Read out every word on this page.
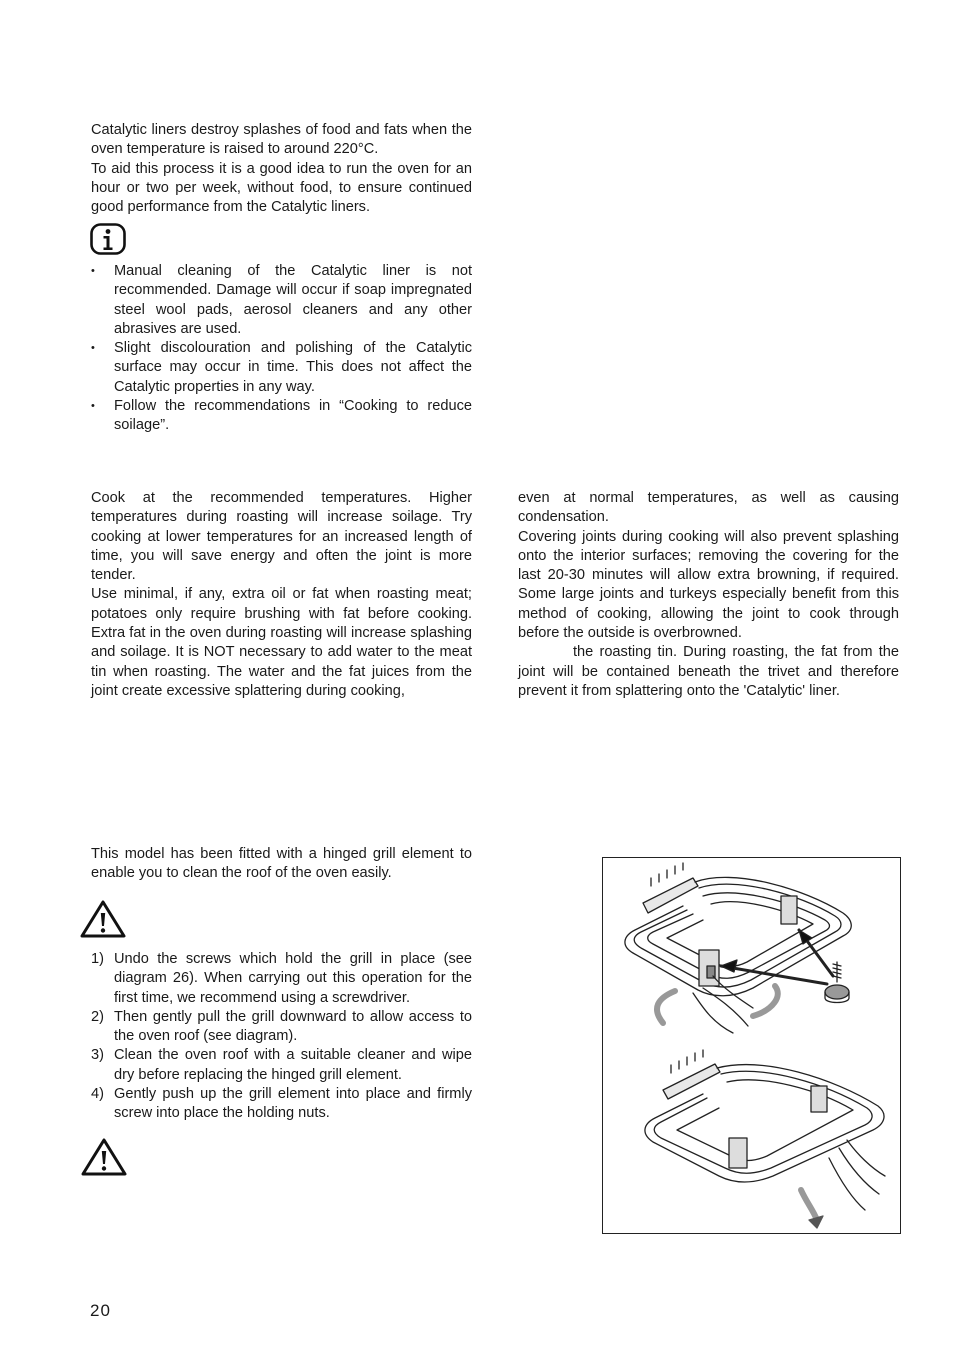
Catalytic liners destroy splashes of food and fats when the oven temperature is raised to around 220°C.

To aid this process it is a good idea to run the oven for an hour or two per week, without food, to ensure continued good performance from the Catalytic liners.

• Manual cleaning of the Catalytic liner is not recommended. Damage will occur if soap impregnated steel wool pads, aerosol cleaners and any other abrasives are used.
• Slight discolouration and polishing of the Catalytic surface may occur in time. This does not affect the Catalytic properties in any way.
• Follow the recommendations in “Cooking to reduce soilage”.

Cook at the recommended temperatures. Higher temperatures during roasting will increase soilage. Try cooking at lower temperatures for an increased length of time, you will save energy and often the joint is more tender.

Use minimal, if any, extra oil or fat when roasting meat; potatoes only require brushing with fat before cooking. Extra fat in the oven during roasting will increase splashing and soilage. It is NOT necessary to add water to the meat tin when roasting. The water and the fat juices from the joint create excessive splattering during cooking,

even at normal temperatures, as well as causing condensation.

Covering joints during cooking will also prevent splashing onto the interior surfaces; removing the covering for the last 20-30 minutes will allow extra browning, if required. Some large joints and turkeys especially benefit from this method of cooking, allowing the joint to cook through before the outside is overbrowned.

the roasting tin. During roasting, the fat from the joint will be contained beneath the trivet and therefore prevent it from splattering onto the 'Catalytic' liner.

This model has been fitted with a hinged grill element to enable you to clean the roof of the oven easily.

1) Undo the screws which hold the grill in place (see diagram 26). When carrying out this operation for the first time, we recommend using a screwdriver.
2) Then gently pull the grill downward to allow access to the oven roof (see diagram).
3) Clean the oven roof with a suitable cleaner and wipe dry before replacing the hinged grill element.
4) Gently push up the grill element into place and firmly screw into place the holding nuts.
20
